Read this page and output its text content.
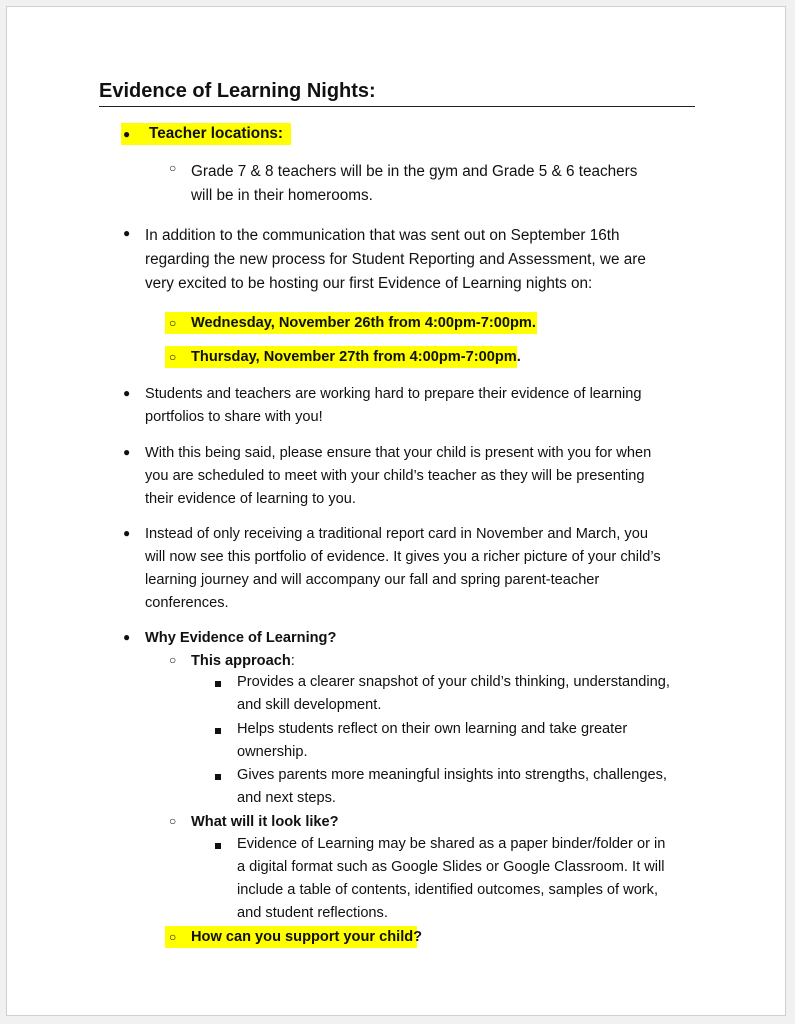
Evidence of Learning Nights:
● Teacher locations:
○ Grade 7 & 8 teachers will be in the gym and Grade 5 & 6 teachers
will be in their homerooms.
● In addition to the communication that was sent out on September 16th
regarding the new process for Student Reporting and Assessment, we are
very excited to be hosting our first Evidence of Learning nights on:
○ Wednesday, November 26th from 4:00pm-7:00pm.
○ Thursday, November 27th from 4:00pm-7:00pm.
● Students and teachers are working hard to prepare their evidence of learning
portfolios to share with you!
● With this being said, please ensure that your child is present with you for when
you are scheduled to meet with your child’s teacher as they will be presenting
their evidence of learning to you.
● Instead of only receiving a traditional report card in November and March, you
will now see this portfolio of evidence. It gives you a richer picture of your child’s
learning journey and will accompany our fall and spring parent-teacher
conferences.
● Why Evidence of Learning?
○ This approach:
Provides a clearer snapshot of your child’s thinking, understanding,
and skill development.
Helps students reflect on their own learning and take greater
ownership.
Gives parents more meaningful insights into strengths, challenges,
and next steps.
○ What will it look like?
Evidence of Learning may be shared as a paper binder/folder or in
a digital format such as Google Slides or Google Classroom. It will
include a table of contents, identified outcomes, samples of work,
and student reflections.
○ How can you support your child?
